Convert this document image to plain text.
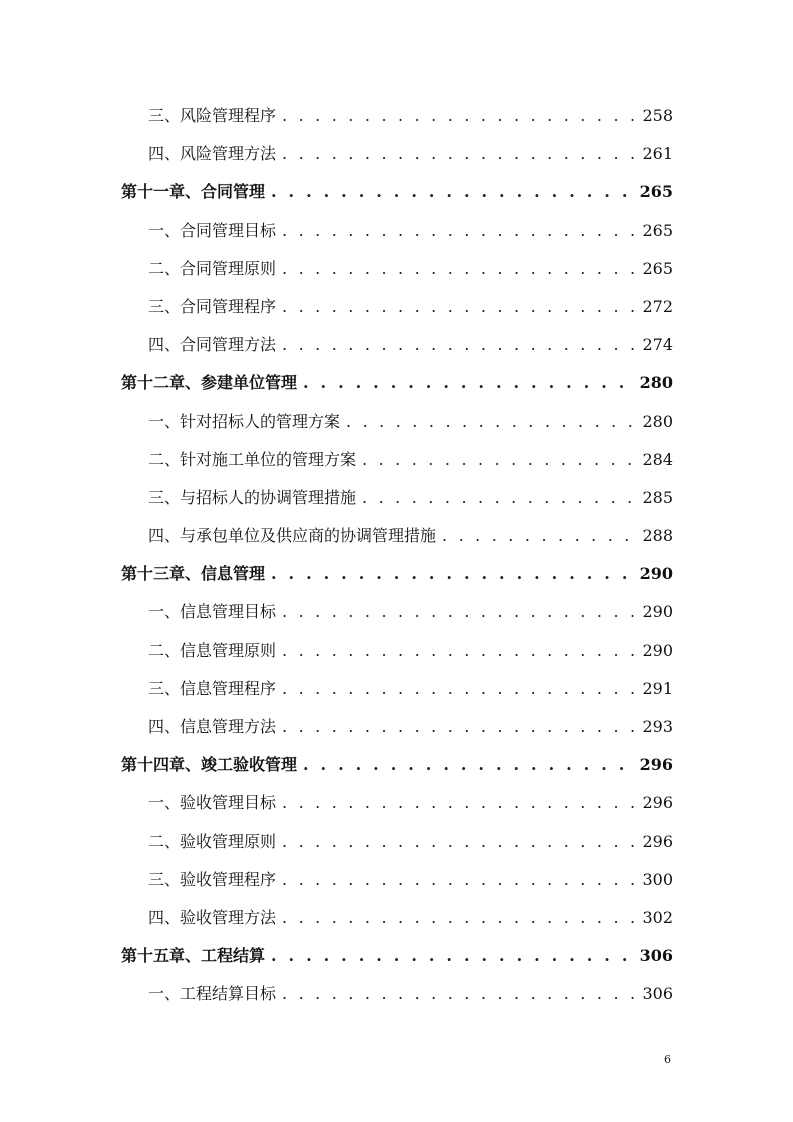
三、风险管理程序 . . .	258
四、风险管理方法 . . .	261
第十一章、合同管理 . . .	265
一、合同管理目标 . . .	265
二、合同管理原则 . . .	265
三、合同管理程序 . . .	272
四、合同管理方法 . . .	274
第十二章、参建单位管理 . . .	280
一、针对招标人的管理方案 . . .	280
二、针对施工单位的管理方案 . . .	284
三、与招标人的协调管理措施 . . .	285
四、与承包单位及供应商的协调管理措施 . . .	288
第十三章、信息管理 . . .	290
一、信息管理目标 . . .	290
二、信息管理原则 . . .	290
三、信息管理程序 . . .	291
四、信息管理方法 . . .	293
第十四章、竣工验收管理 . . .	296
一、验收管理目标 . . .	296
二、验收管理原则 . . .	296
三、验收管理程序 . . .	300
四、验收管理方法 . . .	302
第十五章、工程结算 . . .	306
一、工程结算目标 . . .	306
6
